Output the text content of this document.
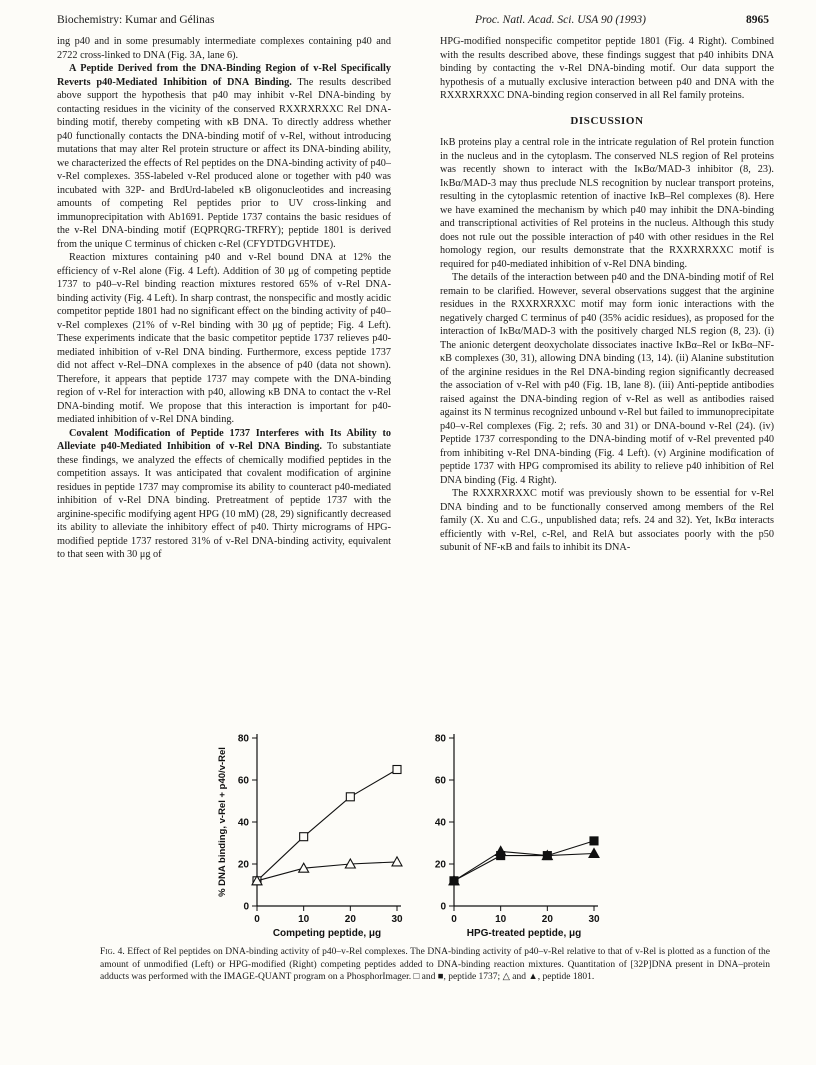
Biochemistry: Kumar and Gélinas	Proc. Natl. Acad. Sci. USA 90 (1993)	8965

ing p40 and in some presumably intermediate complexes containing p40 and 2722 cross-linked to DNA (Fig. 3A, lane 6).

A Peptide Derived from the DNA-Binding Region of v-Rel Specifically Reverts p40-Mediated Inhibition of DNA Binding. The results described above support the hypothesis that p40 may inhibit v-Rel DNA-binding by contacting residues in the vicinity of the conserved RXXRXRXXC Rel DNA-binding motif, thereby competing with κB DNA. To directly address whether p40 functionally contacts the DNA-binding motif of v-Rel, without introducing mutations that may alter Rel protein structure or affect its DNA-binding ability, we characterized the effects of Rel peptides on the DNA-binding activity of p40–v-Rel complexes. 35S-labeled v-Rel produced alone or together with p40 was incubated with 32P- and BrdUrd-labeled κB oligonucleotides and increasing amounts of competing Rel peptides prior to UV cross-linking and immunoprecipitation with Ab1691. Peptide 1737 contains the basic residues of the v-Rel DNA-binding motif (EQPRQRG-TRFRY); peptide 1801 is derived from the unique C terminus of chicken c-Rel (CFYDTDGVHTDE).

Reaction mixtures containing p40 and v-Rel bound DNA at 12% the efficiency of v-Rel alone (Fig. 4 Left). Addition of 30 μg of competing peptide 1737 to p40–v-Rel binding reaction mixtures restored 65% of v-Rel DNA-binding activity (Fig. 4 Left). In sharp contrast, the nonspecific and mostly acidic competitor peptide 1801 had no significant effect on the binding activity of p40–v-Rel complexes (21% of v-Rel binding with 30 μg of peptide; Fig. 4 Left). These experiments indicate that the basic competitor peptide 1737 relieves p40-mediated inhibition of v-Rel DNA binding. Furthermore, excess peptide 1737 did not affect v-Rel–DNA complexes in the absence of p40 (data not shown). Therefore, it appears that peptide 1737 may compete with the DNA-binding region of v-Rel for interaction with p40, allowing κB DNA to contact the v-Rel DNA-binding motif. We propose that this interaction is important for p40-mediated inhibition of v-Rel DNA binding.

Covalent Modification of Peptide 1737 Interferes with Its Ability to Alleviate p40-Mediated Inhibition of v-Rel DNA Binding. To substantiate these findings, we analyzed the effects of chemically modified peptides in the competition assays. It was anticipated that covalent modification of arginine residues in peptide 1737 may compromise its ability to counteract p40-mediated inhibition of v-Rel DNA binding. Pretreatment of peptide 1737 with the arginine-specific modifying agent HPG (10 mM) (28, 29) significantly decreased its ability to alleviate the inhibitory effect of p40. Thirty micrograms of HPG-modified peptide 1737 restored 31% of v-Rel DNA-binding activity, equivalent to that seen with 30 μg of

HPG-modified nonspecific competitor peptide 1801 (Fig. 4 Right). Combined with the results described above, these findings suggest that p40 inhibits DNA binding by contacting the v-Rel DNA-binding motif. Our data support the hypothesis of a mutually exclusive interaction between p40 and DNA with the RXXRXRXXC DNA-binding region conserved in all Rel family proteins.

DISCUSSION

IκB proteins play a central role in the intricate regulation of Rel protein function in the nucleus and in the cytoplasm. The conserved NLS region of Rel proteins was recently shown to interact with the IκBα/MAD-3 inhibitor (8, 23). IκBα/MAD-3 may thus preclude NLS recognition by nuclear transport proteins, resulting in the cytoplasmic retention of inactive IκB–Rel complexes (8). Here we have examined the mechanism by which p40 may inhibit the DNA-binding and transcriptional activities of Rel proteins in the nucleus. Although this study does not rule out the possible interaction of p40 with other residues in the Rel homology region, our results demonstrate that the RXXRXRXXC motif is required for p40-mediated inhibition of v-Rel DNA binding.

The details of the interaction between p40 and the DNA-binding motif of Rel remain to be clarified. However, several observations suggest that the arginine residues in the RXXRXRXXC motif may form ionic interactions with the negatively charged C terminus of p40 (35% acidic residues), as proposed for the interaction of IκBα/MAD-3 with the positively charged NLS region (8, 23). (i) The anionic detergent deoxycholate dissociates inactive IκBα–Rel or IκBα–NF-κB complexes (30, 31), allowing DNA binding (13, 14). (ii) Alanine substitution of the arginine residues in the Rel DNA-binding region significantly decreased the association of v-Rel with p40 (Fig. 1B, lane 8). (iii) Anti-peptide antibodies raised against the DNA-binding region of v-Rel as well as antibodies raised against its N terminus recognized unbound v-Rel but failed to immunoprecipitate p40–v-Rel complexes (Fig. 2; refs. 30 and 31) or DNA-bound v-Rel (24). (iv) Peptide 1737 corresponding to the DNA-binding motif of v-Rel prevented p40 from inhibiting v-Rel DNA-binding (Fig. 4 Left). (v) Arginine modification of peptide 1737 with HPG compromised its ability to relieve p40 inhibition of Rel DNA binding (Fig. 4 Right).

The RXXRXRXXC motif was previously shown to be essential for v-Rel DNA binding and to be functionally conserved among members of the Rel family (X. Xu and C.G., unpublished data; refs. 24 and 32). Yet, IκBα interacts efficiently with v-Rel, c-Rel, and RelA but associates poorly with the p50 subunit of NF-κB and fails to inhibit its DNA-

0
20
40
60
80
0	10	20	30
Competing peptide, μg
% DNA binding, v-Rel + p40/v-Rel
0
20
40
60
80
0	10	20	30
HPG-treated peptide, μg
Fig. 4. Effect of Rel peptides on DNA-binding activity of p40–v-Rel complexes. The DNA-binding activity of p40–v-Rel relative to that of v-Rel is plotted as a function of the amount of unmodified (Left) or HPG-modified (Right) competing peptides added to DNA-binding reaction mixtures. Quantitation of [32P]DNA present in DNA–protein adducts was performed with the IMAGE-QUANT program on a PhosphorImager. □ and ■, peptide 1737; △ and ▲, peptide 1801.
